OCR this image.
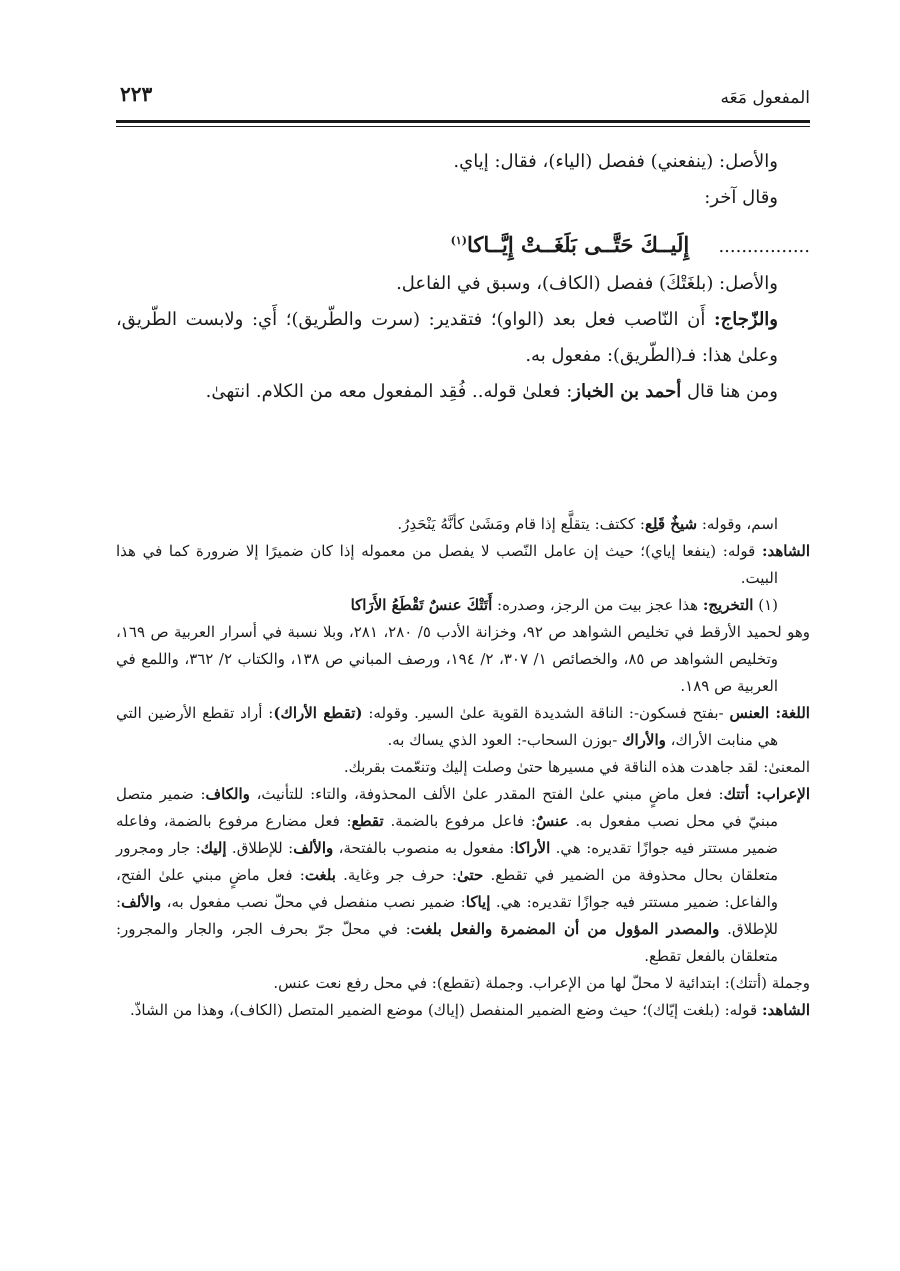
المفعول مَعَه
٢٢٣

والأصل: (ينفعني) ففصل (الياء)، فقال: إياي.

وقال آخر:

................    إِلَيــكَ حَتَّــى بَلَغَــتْ إِيَّــاكا$^{(١)}$

والأصل: (بلغَتْكَ) ففصل (الكاف)، وسبق في الفاعل.

والزّجاج: أَن النّاصب فعل بعد (الواو)؛ فتقدير: (سرت والطّريق)؛ أَي: ولابست الطّريق، وعلىٰ هذا: فـ(الطّريق): مفعول به.

ومن هنا قال أحمد بن الخباز: فعلىٰ قوله.. فُقِد المفعول معه من الكلام. انتهىٰ.

اسم، وقوله: شيخٌ قَلِع: ككتف: يتقلَّع إذا قام ومَشَىٰ كأنَّهُ يَنْحَدِرُ.

الشاهد: قوله: (ينفعا إياي)؛ حيث إن عامل النّصب لا يفصل من معموله إذا كان ضميرًا إلا ضرورة كما في هذا البيت.

(١) التخريج: هذا عجز بيت من الرجز، وصدره: أَتَتْكَ عنسٌ تَقْطَعُ الأَرَاكا

وهو لحميد الأرقط في تخليص الشواهد ص ٩٢، وخزانة الأدب ٥/ ٢٨٠، ٢٨١، وبلا نسبة في أسرار العربية ص ١٦٩، وتخليص الشواهد ص ٨٥، والخصائص ١/ ٣٠٧، ٢/ ١٩٤، ورصف المباني ص ١٣٨، والكتاب ٢/ ٣٦٢، واللمع في العربية ص ١٨٩.

اللغة: العنس -بفتح فسكون-: الناقة الشديدة القوية علىٰ السير. وقوله: (تقطع الأراك): أراد تقطع الأرضين التي هي منابت الأراك، والأراك -بوزن السحاب-: العود الذي يساك به.

المعنىٰ: لقد جاهدت هذه الناقة في مسيرها حتىٰ وصلت إليك وتنعّمت بقربك.

الإعراب: أتتك: فعل ماضٍ مبني علىٰ الفتح المقدر علىٰ الألف المحذوفة، والتاء: للتأنيث، والكاف: ضمير متصل مبنيّ في محل نصب مفعول به. عنسٌ: فاعل مرفوع بالضمة. تقطع: فعل مضارع مرفوع بالضمة، وفاعله ضمير مستتر فيه جوازًا تقديره: هي. الأراكا: مفعول به منصوب بالفتحة، والألف: للإطلاق. إليك: جار ومجرور متعلقان بحال محذوفة من الضمير في تقطع. حتىٰ: حرف جر وغاية. بلغت: فعل ماضٍ مبني علىٰ الفتح، والفاعل: ضمير مستتر فيه جوازًا تقديره: هي. إياكا: ضمير نصب منفصل في محلّ نصب مفعول به، والألف: للإطلاق. والمصدر المؤول من أن المضمرة والفعل بلغت: في محلّ جرّ بحرف الجر، والجار والمجرور: متعلقان بالفعل تقطع.

وجملة (أتتك): ابتدائية لا محلّ لها من الإعراب. وجملة (تقطع): في محل رفع نعت عنس.

الشاهد: قوله: (بلغت إيّاك)؛ حيث وضع الضمير المنفصل (إياك) موضع الضمير المتصل (الكاف)، وهذا من الشاذّ.
